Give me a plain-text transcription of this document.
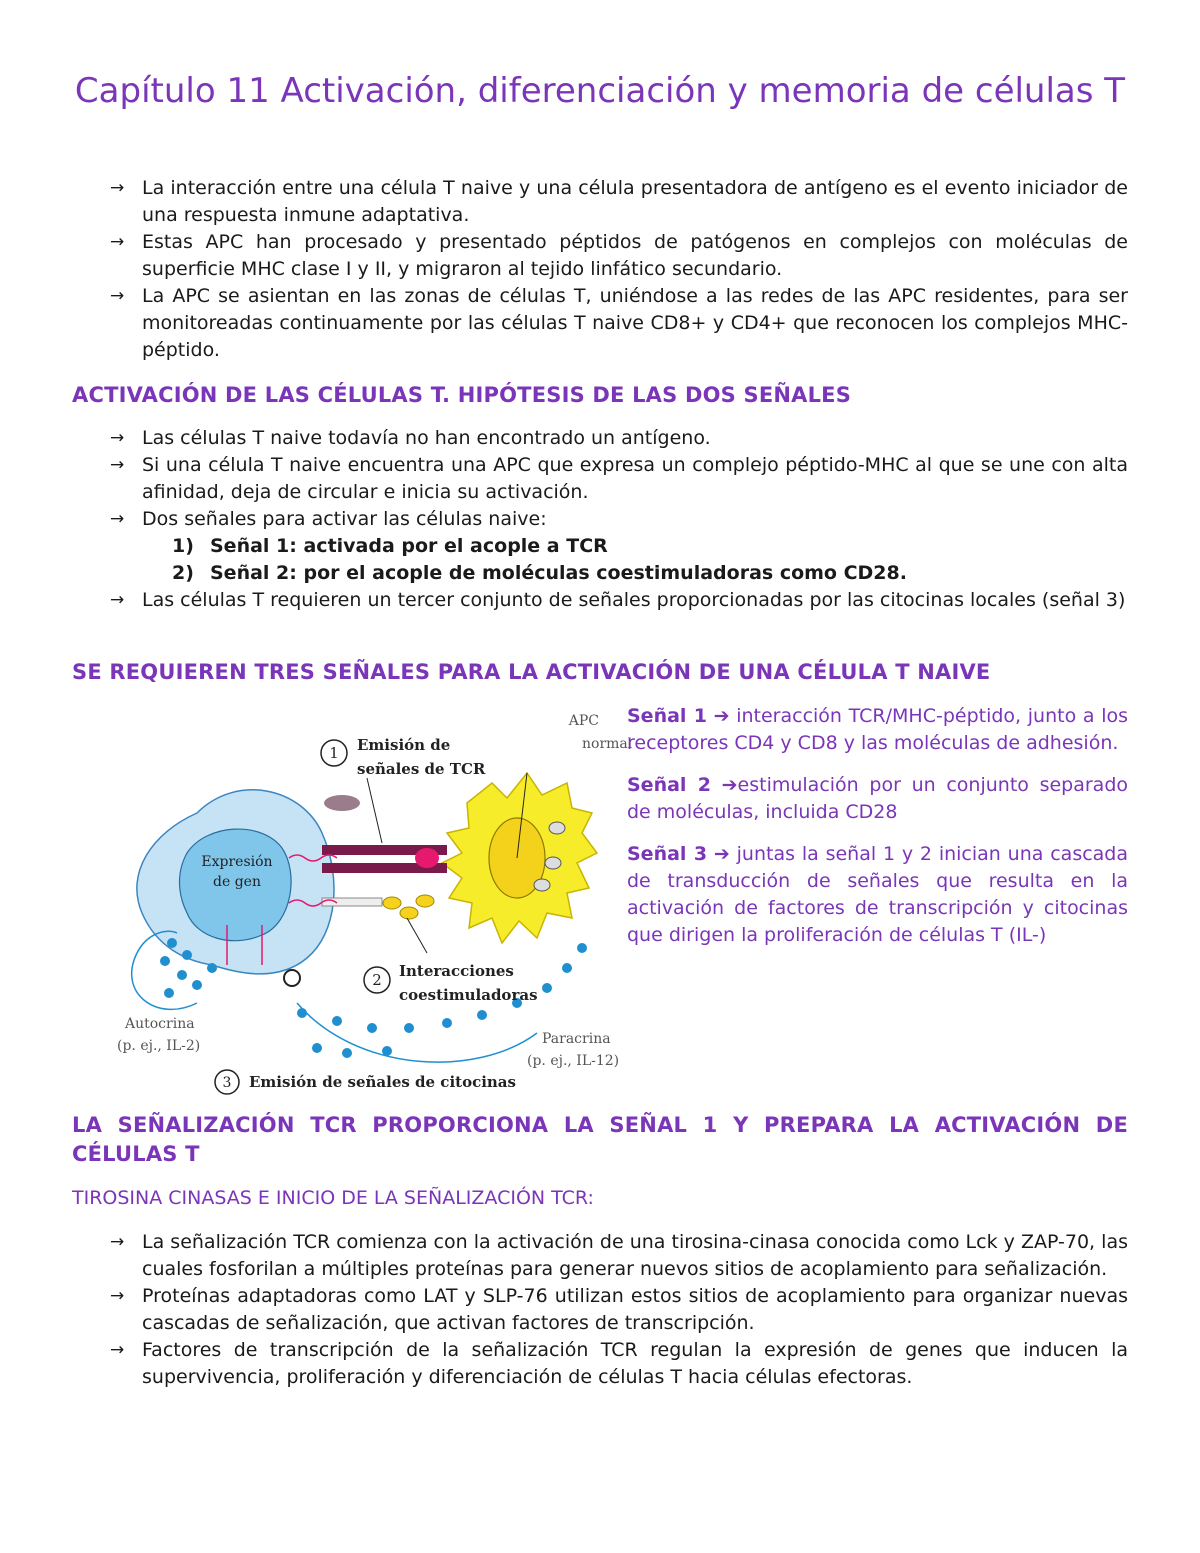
Capítulo 11 Activación, diferenciación y memoria de células T
→ La interacción entre una célula T naive y una célula presentadora de antígeno es el evento iniciador de una respuesta inmune adaptativa.
→ Estas APC han procesado y presentado péptidos de patógenos en complejos con moléculas de superficie MHC clase I y II, y migraron al tejido linfático secundario.
→ La APC se asientan en las zonas de células T, uniéndose a las redes de las APC residentes, para ser monitoreadas continuamente por las células T naive CD8+ y CD4+ que reconocen los complejos MHC-péptido.
ACTIVACIÓN DE LAS CÉLULAS T. HIPÓTESIS DE LAS DOS SEÑALES
→ Las células T naive todavía no han encontrado un antígeno.
→ Si una célula T naive encuentra una APC que expresa un complejo péptido-MHC al que se une con alta afinidad, deja de circular e inicia su activación.
→ Dos señales para activar las células naive:
1) Señal 1: activada por el acople a TCR
2) Señal 2: por el acople de moléculas coestimuladoras como CD28.
→ Las células T requieren un tercer conjunto de señales proporcionadas por las citocinas locales (señal 3)
SE REQUIEREN TRES SEÑALES PARA LA ACTIVACIÓN DE UNA CÉLULA T NAIVE
Expresión
de gen
1 Emisión de
señales de TCR
APC
normal
2 Interacciones
coestimuladoras
Autocrina
(p. ej., IL-2)	Paracrina
(p. ej., IL-12)
3 Emisión de señales de citocinas

Señal 1 ➔ interacción TCR/MHC-péptido, junto a los receptores CD4 y CD8 y las moléculas de adhesión.

Señal 2 ➔estimulación por un conjunto separado de moléculas, incluida CD28

Señal 3 ➔ juntas la señal 1 y 2 inician una cascada de transducción de señales que resulta en la activación de factores de transcripción y citocinas que dirigen la proliferación de células T (IL-)

LA SEÑALIZACIÓN TCR PROPORCIONA LA SEÑAL 1 Y PREPARA LA ACTIVACIÓN DE CÉLULAS T

TIROSINA CINASAS E INICIO DE LA SEÑALIZACIÓN TCR:

→ La señalización TCR comienza con la activación de una tirosina-cinasa conocida como Lck y ZAP-70, las cuales fosforilan a múltiples proteínas para generar nuevos sitios de acoplamiento para señalización.
→ Proteínas adaptadoras como LAT y SLP-76 utilizan estos sitios de acoplamiento para organizar nuevas cascadas de señalización, que activan factores de transcripción.
→ Factores de transcripción de la señalización TCR regulan la expresión de genes que inducen la supervivencia, proliferación y diferenciación de células T hacia células efectoras.
